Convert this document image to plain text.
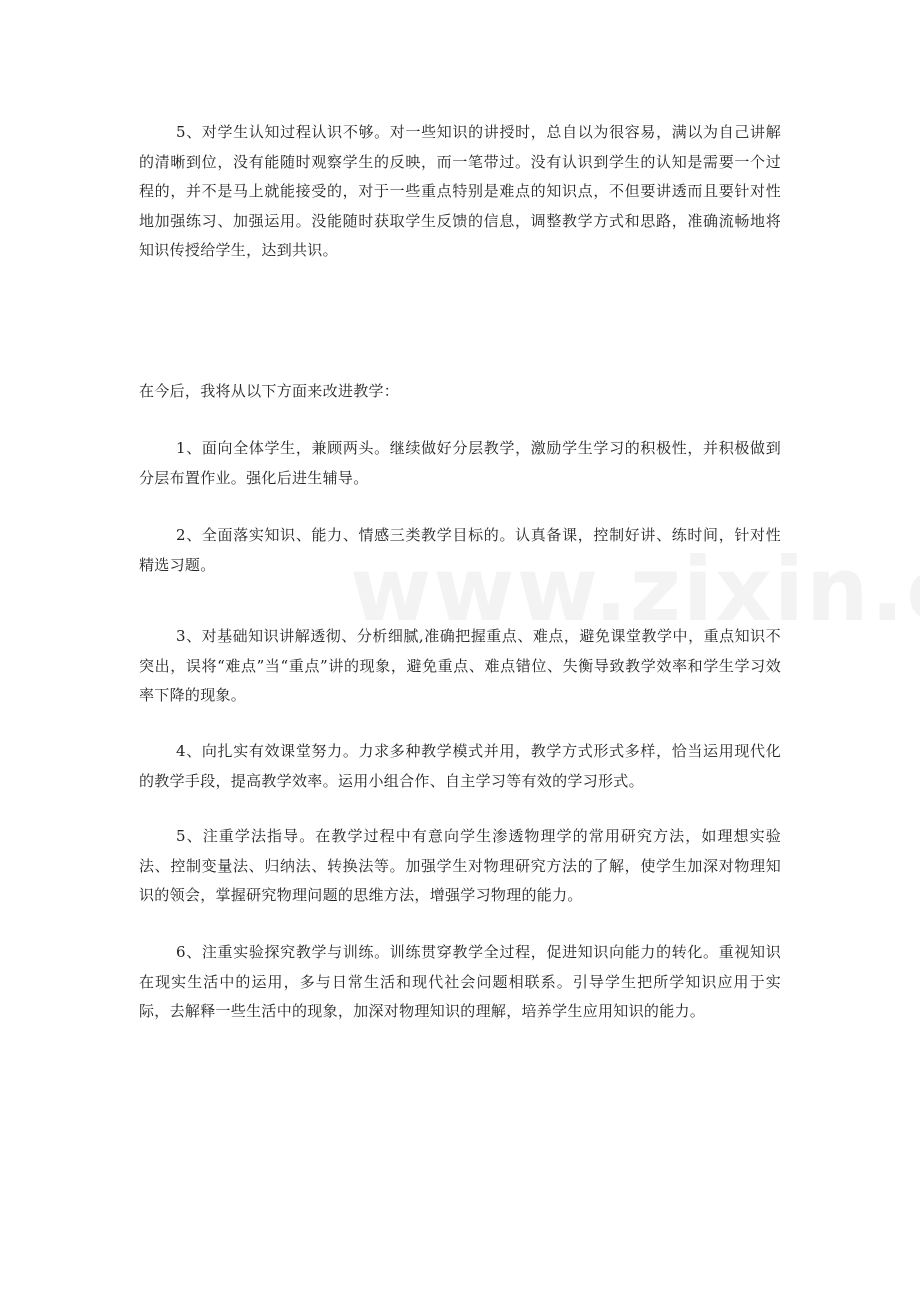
5、对学生认知过程认识不够。对一些知识的讲授时，总自以为很容易，满以为自己讲解的清晰到位，没有能随时观察学生的反映，而一笔带过。没有认识到学生的认知是需要一个过程的，并不是马上就能接受的，对于一些重点特别是难点的知识点，不但要讲透而且要针对性地加强练习、加强运用。没能随时获取学生反馈的信息，调整教学方式和思路，准确流畅地将知识传授给学生，达到共识。

在今后，我将从以下方面来改进教学：

1、面向全体学生，兼顾两头。继续做好分层教学，激励学生学习的积极性，并积极做到分层布置作业。强化后进生辅导。

2、全面落实知识、能力、情感三类教学目标的。认真备课，控制好讲、练时间，针对性精选习题。

3、对基础知识讲解透彻、分析细腻,准确把握重点、难点，避免课堂教学中，重点知识不突出，误将“难点”当“重点”讲的现象，避免重点、难点错位、失衡导致教学效率和学生学习效率下降的现象。

4、向扎实有效课堂努力。力求多种教学模式并用，教学方式形式多样，恰当运用现代化的教学手段，提高教学效率。运用小组合作、自主学习等有效的学习形式。

5、注重学法指导。在教学过程中有意向学生渗透物理学的常用研究方法，如理想实验法、控制变量法、归纳法、转换法等。加强学生对物理研究方法的了解，使学生加深对物理知识的领会，掌握研究物理问题的思维方法，增强学习物理的能力。

6、注重实验探究教学与训练。训练贯穿教学全过程，促进知识向能力的转化。重视知识在现实生活中的运用，多与日常生活和现代社会问题相联系。引导学生把所学知识应用于实际，去解释一些生活中的现象，加深对物理知识的理解，培养学生应用知识的能力。
